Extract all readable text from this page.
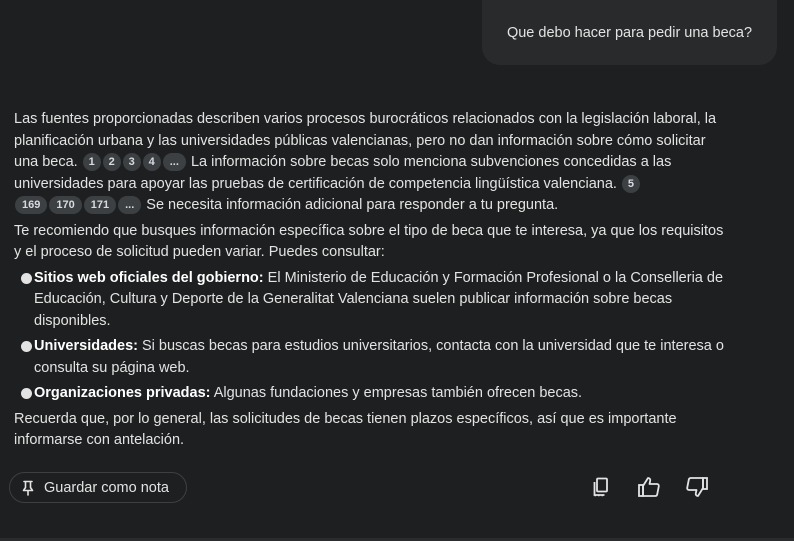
Que debo hacer para pedir una beca?

Las fuentes proporcionadas describen varios procesos burocráticos relacionados con la legislación laboral, la planificación urbana y las universidades públicas valencianas, pero no dan información sobre cómo solicitar una beca. 1 2 3 4 ... La información sobre becas solo menciona subvenciones concedidas a las universidades para apoyar las pruebas de certificación de competencia lingüística valenciana. 5
169 170 171 ... Se necesita información adicional para responder a tu pregunta.

Te recomiendo que busques información específica sobre el tipo de beca que te interesa, ya que los requisitos y el proceso de solicitud pueden variar. Puedes consultar:

Sitios web oficiales del gobierno: El Ministerio de Educación y Formación Profesional o la Conselleria de Educación, Cultura y Deporte de la Generalitat Valenciana suelen publicar información sobre becas disponibles.
Universidades: Si buscas becas para estudios universitarios, contacta con la universidad que te interesa o consulta su página web.
Organizaciones privadas: Algunas fundaciones y empresas también ofrecen becas.

Recuerda que, por lo general, las solicitudes de becas tienen plazos específicos, así que es importante informarse con antelación.

Guardar como nota
